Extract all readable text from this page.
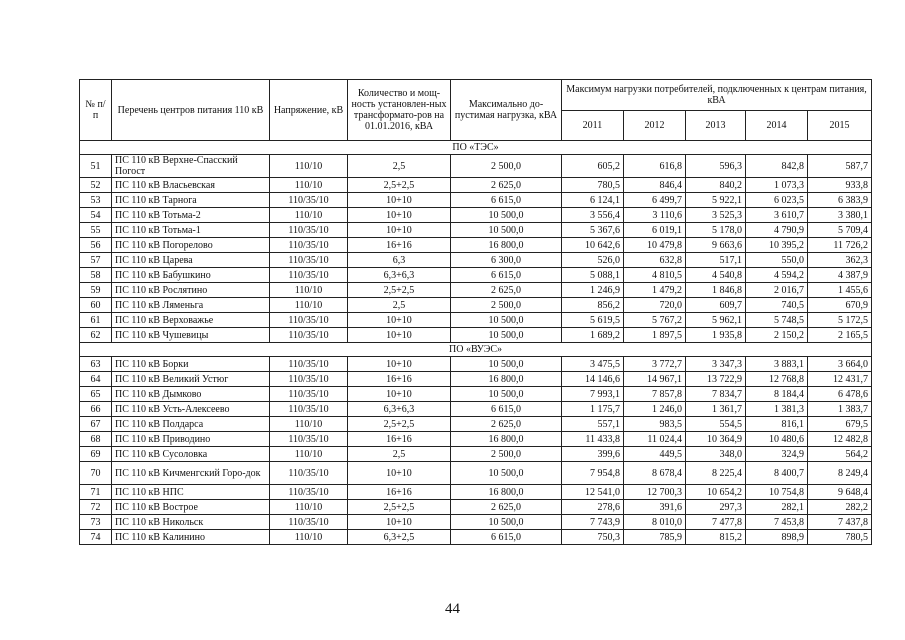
№ п/п	Перечень центров питания 110 кВ	Напряжение, кВ	Количество и мощ-ность установлен-ных трансформато-ров на 01.01.2016, кВА	Максимально до-пустимая нагрузка, кВА	Максимум нагрузки потребителей, подключенных к центрам питания, кВА				
					2011	2012	2013	2014	2015
ПО «ТЭС»									
51	ПС 110 кВ Верхне-Спасский Погост	110/10	2,5	2 500,0	605,2	616,8	596,3	842,8	587,7
52	ПС 110 кВ Власьевская	110/10	2,5+2,5	2 625,0	780,5	846,4	840,2	1 073,3	933,8
53	ПС 110 кВ Тарнога	110/35/10	10+10	6 615,0	6 124,1	6 499,7	5 922,1	6 023,5	6 383,9
54	ПС 110 кВ Тотьма-2	110/10	10+10	10 500,0	3 556,4	3 110,6	3 525,3	3 610,7	3 380,1
55	ПС 110 кВ Тотьма-1	110/35/10	10+10	10 500,0	5 367,6	6 019,1	5 178,0	4 790,9	5 709,4
56	ПС 110 кВ Погорелово	110/35/10	16+16	16 800,0	10 642,6	10 479,8	9 663,6	10 395,2	11 726,2
57	ПС 110 кВ Царева	110/35/10	6,3	6 300,0	526,0	632,8	517,1	550,0	362,3
58	ПС 110 кВ Бабушкино	110/35/10	6,3+6,3	6 615,0	5 088,1	4 810,5	4 540,8	4 594,2	4 387,9
59	ПС 110 кВ Рослятино	110/10	2,5+2,5	2 625,0	1 246,9	1 479,2	1 846,8	2 016,7	1 455,6
60	ПС 110 кВ Ляменьга	110/10	2,5	2 500,0	856,2	720,0	609,7	740,5	670,9
61	ПС 110 кВ Верховажье	110/35/10	10+10	10 500,0	5 619,5	5 767,2	5 962,1	5 748,5	5 172,5
62	ПС 110 кВ Чушевицы	110/35/10	10+10	10 500,0	1 689,2	1 897,5	1 935,8	2 150,2	2 165,5
ПО «ВУЭС»									
63	ПС 110 кВ Борки	110/35/10	10+10	10 500,0	3 475,5	3 772,7	3 347,3	3 883,1	3 664,0
64	ПС 110 кВ Великий Устюг	110/35/10	16+16	16 800,0	14 146,6	14 967,1	13 722,9	12 768,8	12 431,7
65	ПС 110 кВ Дымково	110/35/10	10+10	10 500,0	7 993,1	7 857,8	7 834,7	8 184,4	6 478,6
66	ПС 110 кВ Усть-Алексеево	110/35/10	6,3+6,3	6 615,0	1 175,7	1 246,0	1 361,7	1 381,3	1 383,7
67	ПС 110 кВ Полдарса	110/10	2,5+2,5	2 625,0	557,1	983,5	554,5	816,1	679,5
68	ПС 110 кВ Приводино	110/35/10	16+16	16 800,0	11 433,8	11 024,4	10 364,9	10 480,6	12 482,8
69	ПС 110 кВ Сусоловка	110/10	2,5	2 500,0	399,6	449,5	348,0	324,9	564,2
70	ПС 110 кВ Кичменгский Горо-док	110/35/10	10+10	10 500,0	7 954,8	8 678,4	8 225,4	8 400,7	8 249,4
71	ПС 110 кВ НПС	110/35/10	16+16	16 800,0	12 541,0	12 700,3	10 654,2	10 754,8	9 648,4
72	ПС 110 кВ Вострое	110/10	2,5+2,5	2 625,0	278,6	391,6	297,3	282,1	282,2
73	ПС 110 кВ Никольск	110/35/10	10+10	10 500,0	7 743,9	8 010,0	7 477,8	7 453,8	7 437,8
74	ПС 110 кВ Калинино	110/10	6,3+2,5	6 615,0	750,3	785,9	815,2	898,9	780,5
44
